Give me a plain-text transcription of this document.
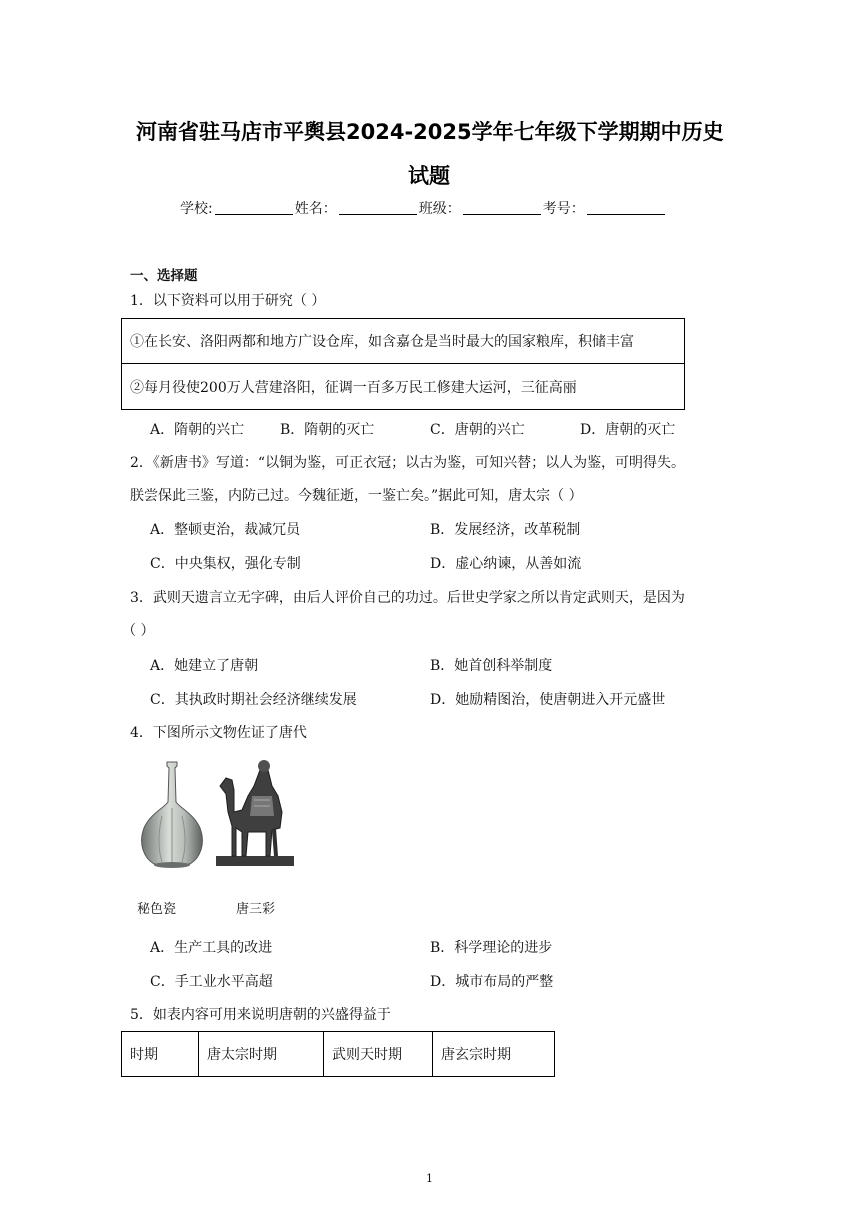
河南省驻马店市平舆县2024-2025学年七年级下学期期中历史
试题
学校:	姓名：	班级：	考号：
一、选择题
1．以下资料可以用于研究（ ）
①在长安、洛阳两都和地方广设仓库，如含嘉仓是当时最大的国家粮库，积储丰富
②每月役使200万人营建洛阳，征调一百多万民工修建大运河，三征高丽
A．隋朝的兴亡	B．隋朝的灭亡	C．唐朝的兴亡	D．唐朝的灭亡
2．《新唐书》写道：“以铜为鉴，可正衣冠；以古为鉴，可知兴替；以人为鉴，可明得失。
朕尝保此三鉴，内防己过。今魏征逝，一鉴亡矣。”据此可知，唐太宗（ ）
A．整顿吏治，裁减冗员	B．发展经济，改革税制
C．中央集权，强化专制	D．虚心纳谏，从善如流
3．武则天遗言立无字碑，由后人评价自己的功过。后世史学家之所以肯定武则天，是因为
（ ）
A．她建立了唐朝	B．她首创科举制度
C．其执政时期社会经济继续发展	D．她励精图治，使唐朝进入开元盛世
4．下图所示文物佐证了唐代
秘色瓷	唐三彩
A．生产工具的改进	B．科学理论的进步
C．手工业水平高超	D．城市布局的严整
5．如表内容可用来说明唐朝的兴盛得益于
时期	唐太宗时期	武则天时期	唐玄宗时期
1
